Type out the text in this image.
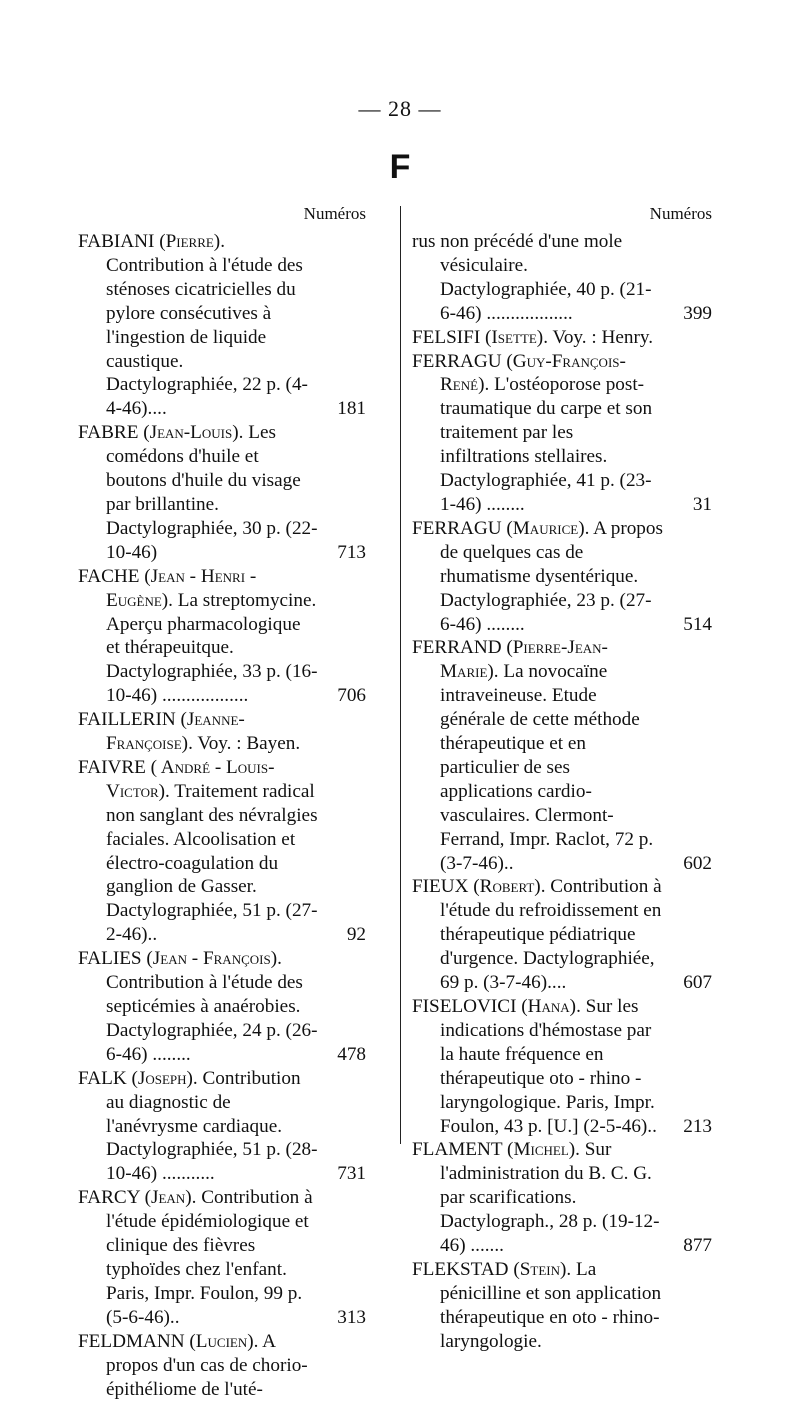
— 28 —
F
Numéros
FABIANI (Pierre). Contribution à l'étude des sténoses cicatricielles du pylore consécutives à l'ingestion de liquide caustique. Dactylographiée, 22 p. (4-4-46)....	181
FABRE (Jean-Louis). Les comédons d'huile et boutons d'huile du visage par brillantine. Dactylographiée, 30 p. (22-10-46)	713
FACHE (Jean - Henri - Eugène). La streptomycine. Aperçu pharmacologique et thérapeuitque. Dactylographiée, 33 p. (16-10-46) ..................	706
FAILLERIN (Jeanne-Françoise). Voy. : Bayen.
FAIVRE ( André - Louis-Victor). Traitement radical non sanglant des névralgies faciales. Alcoolisation et électro-coagulation du ganglion de Gasser. Dactylographiée, 51 p. (27-2-46)..	92
FALIES (Jean - François). Contribution à l'étude des septicémies à anaérobies. Dactylographiée, 24 p. (26-6-46) ........	478
FALK (Joseph). Contribution au diagnostic de l'anévrysme cardiaque. Dactylographiée, 51 p. (28-10-46) ...........	731
FARCY (Jean). Contribution à l'étude épidémiologique et clinique des fièvres typhoïdes chez l'enfant. Paris, Impr. Foulon, 99 p. (5-6-46)..	313
FELDMANN (Lucien). A propos d'un cas de chorio-épithéliome de l'uté-
Numéros
rus non précédé d'une mole vésiculaire. Dactylographiée, 40 p. (21-6-46) ..................	399
FELSIFI (Isette). Voy. : Henry.
FERRAGU (Guy-François-René). L'ostéoporose post-traumatique du carpe et son traitement par les infiltrations stellaires. Dactylographiée, 41 p. (23-1-46) ........	31
FERRAGU (Maurice). A propos de quelques cas de rhumatisme dysentérique. Dactylographiée, 23 p. (27-6-46) ........	514
FERRAND (Pierre-Jean-Marie). La novocaïne intraveineuse. Etude générale de cette méthode thérapeutique et en particulier de ses applications cardio-vasculaires. Clermont-Ferrand, Impr. Raclot, 72 p. (3-7-46)..	602
FIEUX (Robert). Contribution à l'étude du refroidissement en thérapeutique pédiatrique d'urgence. Dactylographiée, 69 p. (3-7-46)....	607
FISELOVICI (Hana). Sur les indications d'hémostase par la haute fréquence en thérapeutique oto - rhino - laryngologique. Paris, Impr. Foulon, 43 p. [U.] (2-5-46)..	213
FLAMENT (Michel). Sur l'administration du B. C. G. par scarifications. Dactylograph., 28 p. (19-12-46) .......	877
FLEKSTAD (Stein). La pénicilline et son application thérapeutique en oto - rhino-laryngologie.
